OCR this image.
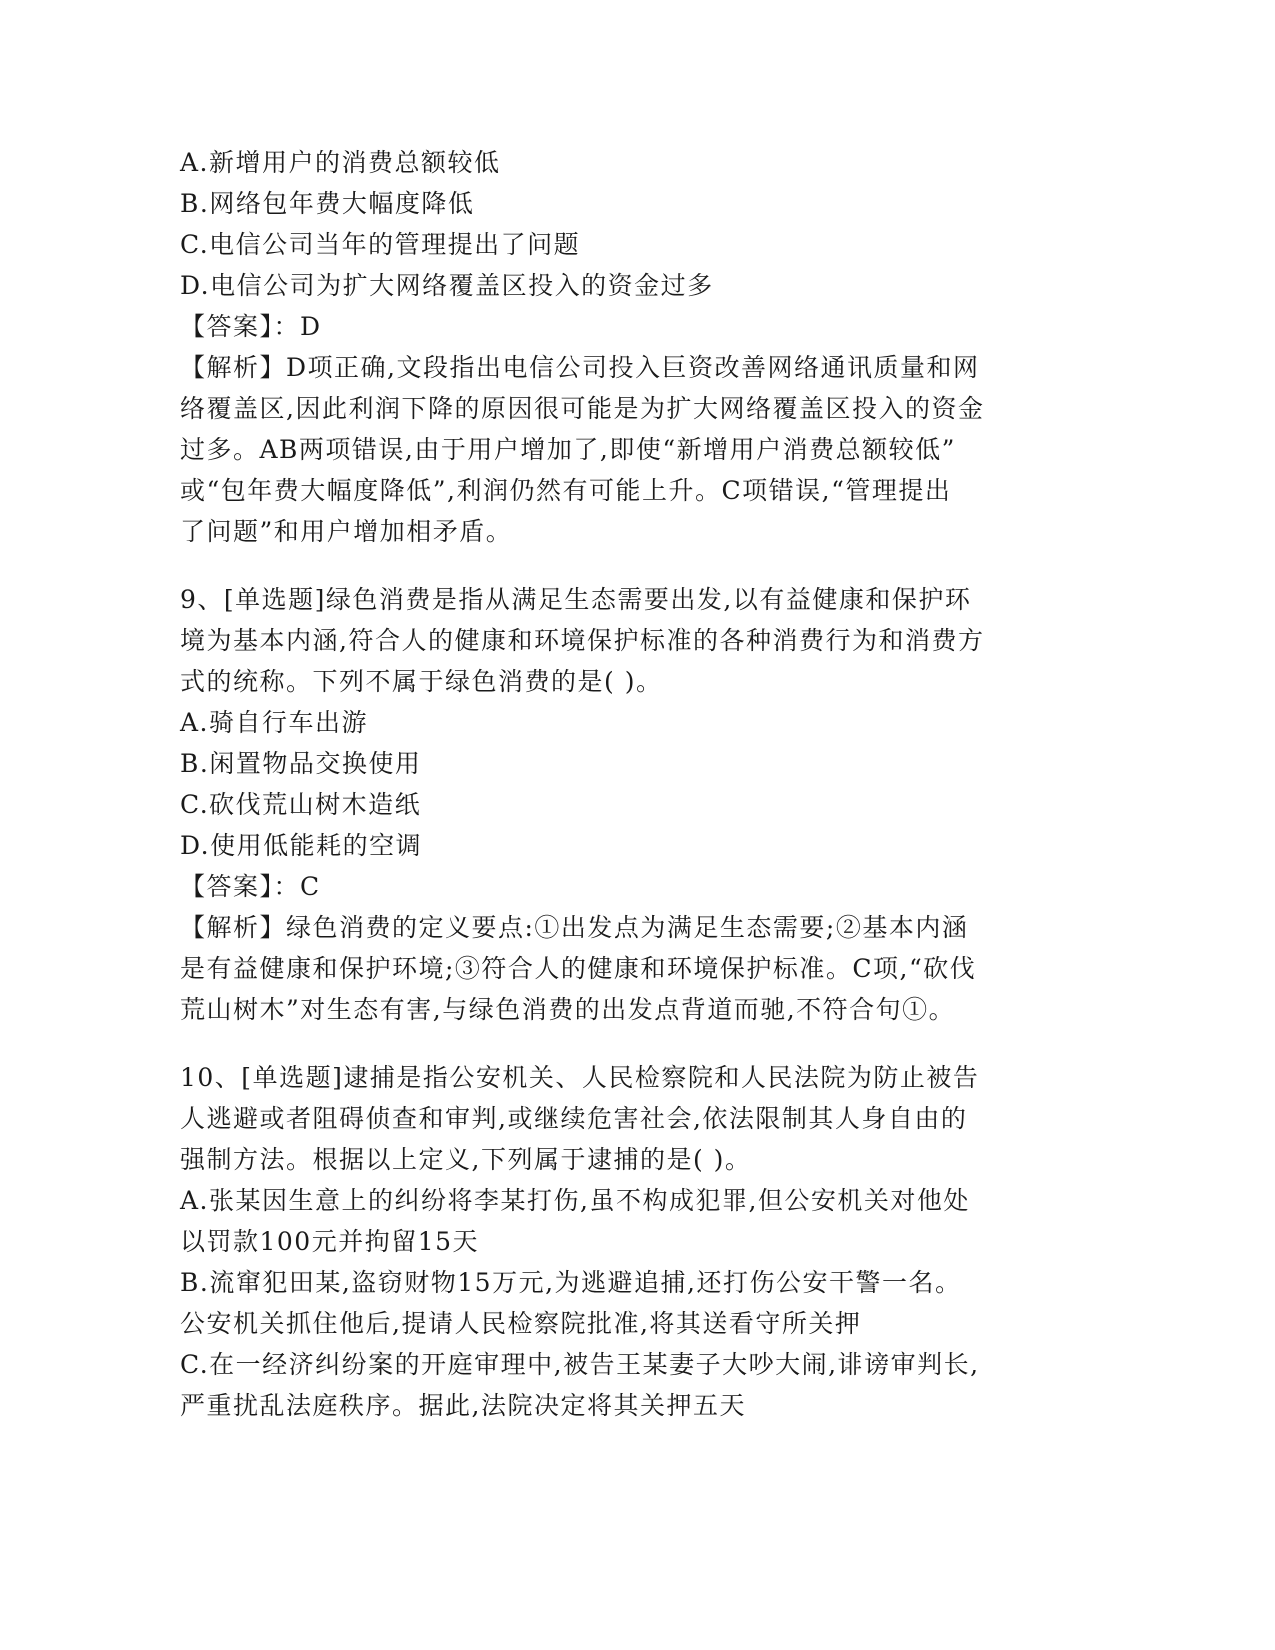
A.新增用户的消费总额较低
B.网络包年费大幅度降低
C.电信公司当年的管理提出了问题
D.电信公司为扩大网络覆盖区投入的资金过多
【答案】：D
【解析】D项正确,文段指出电信公司投入巨资改善网络通讯质量和网
络覆盖区,因此利润下降的原因很可能是为扩大网络覆盖区投入的资金
过多。AB两项错误,由于用户增加了,即使“新增用户消费总额较低”
或“包年费大幅度降低”,利润仍然有可能上升。C项错误,“管理提出
了问题”和用户增加相矛盾。
9、[单选题]绿色消费是指从满足生态需要出发,以有益健康和保护环
境为基本内涵,符合人的健康和环境保护标准的各种消费行为和消费方
式的统称。下列不属于绿色消费的是( )。
A.骑自行车出游
B.闲置物品交换使用
C.砍伐荒山树木造纸
D.使用低能耗的空调
【答案】：C
【解析】绿色消费的定义要点:①出发点为满足生态需要;②基本内涵
是有益健康和保护环境;③符合人的健康和环境保护标准。C项,“砍伐
荒山树木”对生态有害,与绿色消费的出发点背道而驰,不符合句①。
10、[单选题]逮捕是指公安机关、人民检察院和人民法院为防止被告
人逃避或者阻碍侦查和审判,或继续危害社会,依法限制其人身自由的
强制方法。根据以上定义,下列属于逮捕的是( )。
A.张某因生意上的纠纷将李某打伤,虽不构成犯罪,但公安机关对他处
以罚款100元并拘留15天
B.流窜犯田某,盗窃财物15万元,为逃避追捕,还打伤公安干警一名。
公安机关抓住他后,提请人民检察院批准,将其送看守所关押
C.在一经济纠纷案的开庭审理中,被告王某妻子大吵大闹,诽谤审判长,
严重扰乱法庭秩序。据此,法院决定将其关押五天
